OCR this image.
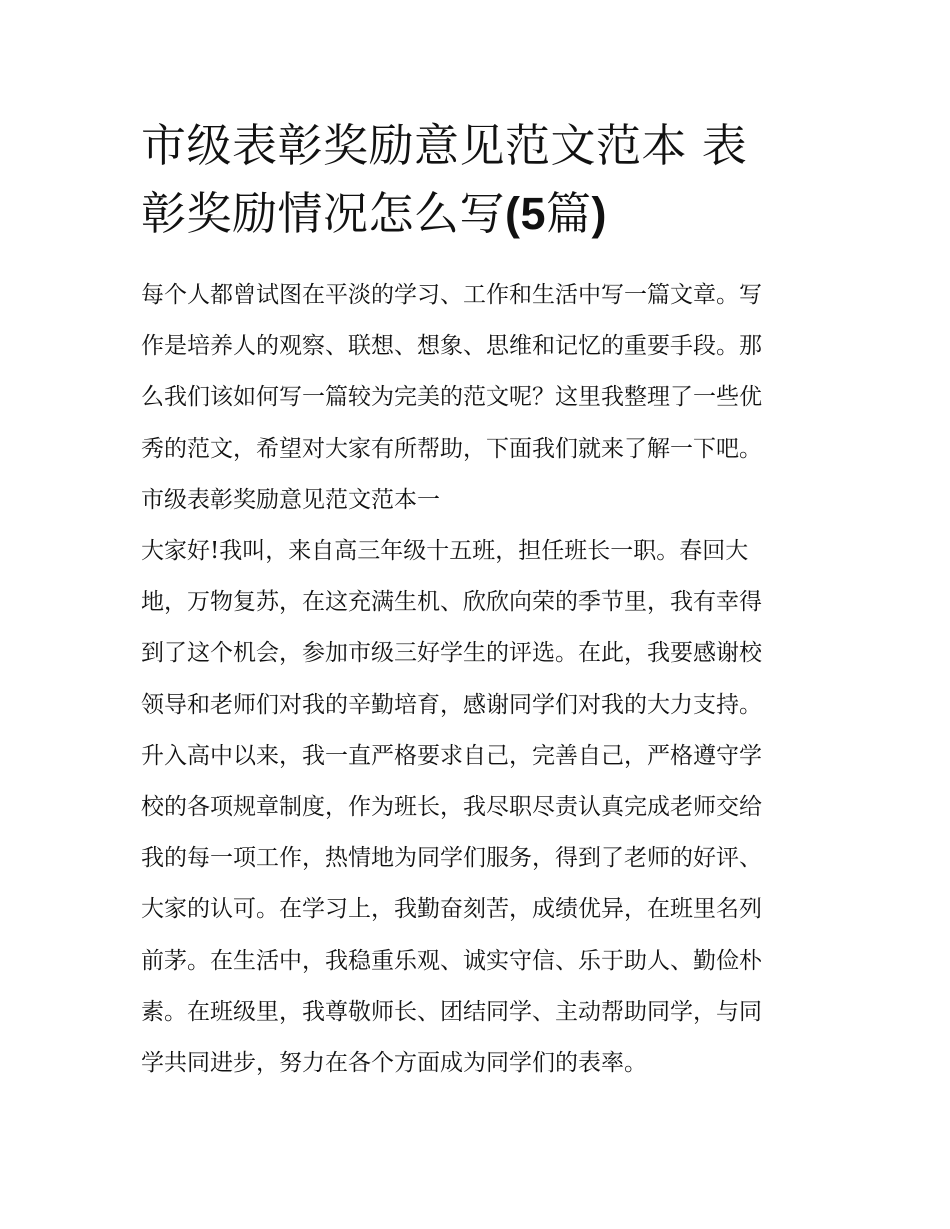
市级表彰奖励意见范文范本 表
彰奖励情况怎么写(5篇)
每个人都曾试图在平淡的学习、工作和生活中写一篇文章。写
作是培养人的观察、联想、想象、思维和记忆的重要手段。那
么我们该如何写一篇较为完美的范文呢？这里我整理了一些优
秀的范文，希望对大家有所帮助，下面我们就来了解一下吧。
市级表彰奖励意见范文范本一
大家好!我叫，来自高三年级十五班，担任班长一职。春回大
地，万物复苏，在这充满生机、欣欣向荣的季节里，我有幸得
到了这个机会，参加市级三好学生的评选。在此，我要感谢校
领导和老师们对我的辛勤培育，感谢同学们对我的大力支持。
升入高中以来，我一直严格要求自己，完善自己，严格遵守学
校的各项规章制度，作为班长，我尽职尽责认真完成老师交给
我的每一项工作，热情地为同学们服务，得到了老师的好评、
大家的认可。在学习上，我勤奋刻苦，成绩优异，在班里名列
前茅。在生活中，我稳重乐观、诚实守信、乐于助人、勤俭朴
素。在班级里，我尊敬师长、团结同学、主动帮助同学，与同
学共同进步，努力在各个方面成为同学们的表率。
